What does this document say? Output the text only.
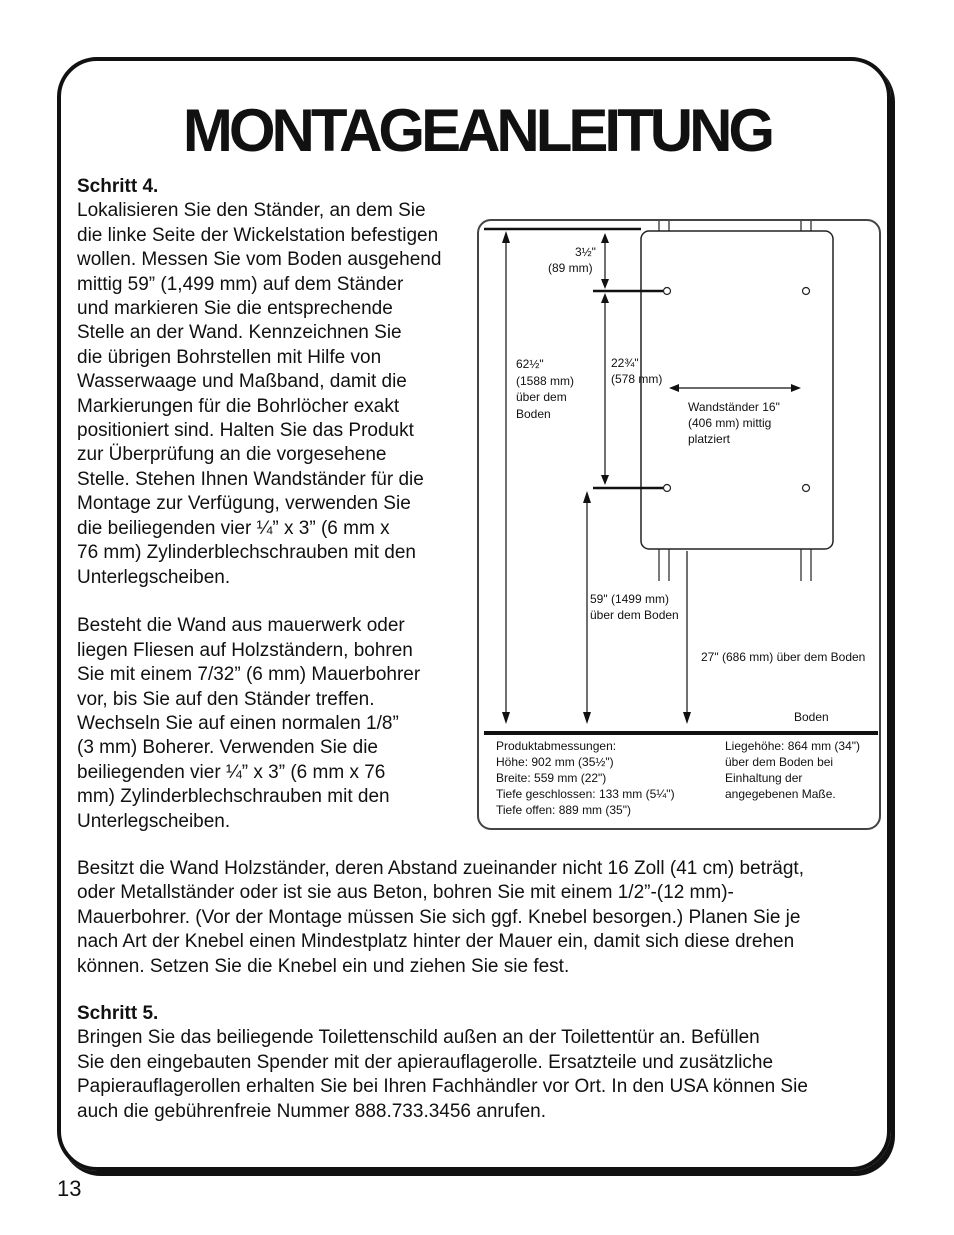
MONTAGEANLEITUNG

Schritt 4.

Lokalisieren Sie den Ständer, an dem Sie

die linke Seite der Wickelstation befestigen

wollen. Messen Sie vom Boden ausgehend

mittig 59” (1,499 mm) auf dem Ständer

und markieren Sie die entsprechende

Stelle an der Wand. Kennzeichnen Sie

die übrigen Bohrstellen mit Hilfe von

Wasserwaage und Maßband, damit die

Markierungen für die Bohrlöcher exakt

positioniert sind. Halten Sie das Produkt

zur Überprüfung an die vorgesehene

Stelle. Stehen Ihnen Wandständer für die

Montage zur Verfügung, verwenden Sie

die beiliegenden vier ¼” x 3” (6 mm x

76 mm) Zylinderblechschrauben mit den

Unterlegscheiben.

Besteht die Wand aus mauerwerk oder

liegen Fliesen auf Holzständern, bohren

Sie mit einem 7/32” (6 mm) Mauerbohrer

vor, bis Sie auf den Ständer treffen.

Wechseln Sie auf einen normalen 1/8”

(3 mm) Boherer. Verwenden Sie die

beiliegenden vier ¼” x 3” (6 mm x 76

mm) Zylinderblechschrauben mit den

Unterlegscheiben.

3½"
(89 mm)
62½"
(1588 mm)
über dem
Boden
22¾"
(578 mm)
Wandständer 16"
(406 mm) mittig
platziert
59" (1499 mm)
über dem Boden
27" (686 mm) über dem Boden
Boden
Produktabmessungen:
Höhe: 902 mm (35½")
Breite: 559 mm (22")
Tiefe geschlossen: 133 mm (5¼")
Tiefe offen: 889 mm (35")
Liegehöhe: 864 mm (34")
über dem Boden bei
Einhaltung der
angegebenen Maße.

Besitzt die Wand Holzständer, deren Abstand zueinander nicht 16 Zoll (41 cm) beträgt,

oder Metallständer oder ist sie aus Beton, bohren Sie mit einem 1/2”-(12 mm)-

Mauerbohrer. (Vor der Montage müssen Sie sich ggf. Knebel besorgen.) Planen Sie je

nach Art der Knebel einen Mindestplatz hinter der Mauer ein, damit sich diese drehen

können. Setzen Sie die Knebel ein und ziehen Sie sie fest.

Schritt 5.

Bringen Sie das beiliegende Toilettenschild außen an der Toilettentür an. Befüllen

Sie den eingebauten Spender mit der apierauflagerolle. Ersatzteile und zusätzliche

Papierauflagerollen erhalten Sie bei Ihren Fachhändler vor Ort. In den USA können Sie

auch die gebührenfreie Nummer 888.733.3456 anrufen.

13
